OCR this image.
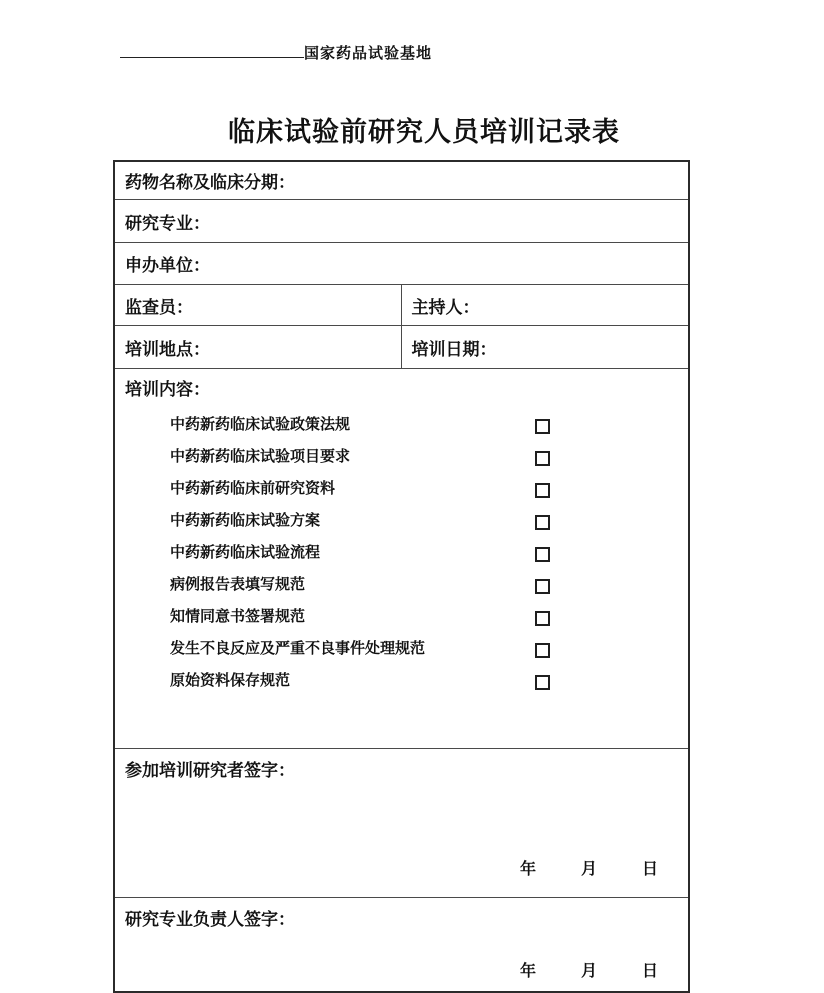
国家药品试验基地
临床试验前研究人员培训记录表
药物名称及临床分期：	
研究专业：	
申办单位：	
监查员：	主持人：
培训地点：	培训日期：

培训内容：
中药新药临床试验政策法规
中药新药临床试验项目要求
中药新药临床前研究资料
中药新药临床试验方案
中药新药临床试验流程
病例报告表填写规范
知情同意书签署规范
发生不良反应及严重不良事件处理规范
原始资料保存规范

参加培训研究者签字：
年 月 日	

研究专业负责人签字：
年 月 日	
